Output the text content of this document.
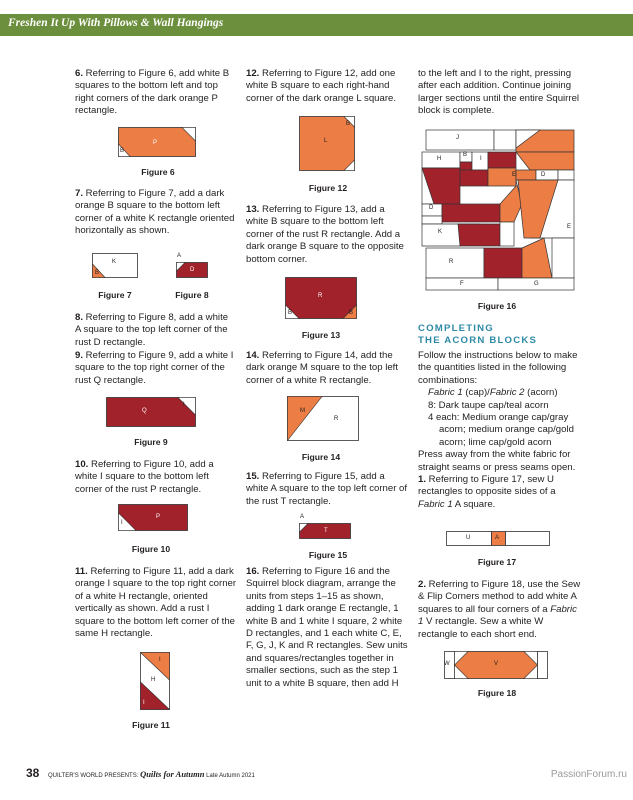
Freshen It Up With Pillows & Wall Hangings
6. Referring to Figure 6, add white B squares to the bottom left and top right corners of the dark orange P rectangle.
P
B
Figure 6
7. Referring to Figure 7, add a dark orange B square to the bottom left corner of a white K rectangle oriented horizontally as shown.
K
B
A
D
Figure 7	Figure 8
8. Referring to Figure 8, add a white A square to the top left corner of the rust D rectangle.
9. Referring to Figure 9, add a white I square to the top right corner of the rust Q rectangle.
Q
I
Figure 9
10. Referring to Figure 10, add a white I square to the bottom left corner of the rust P rectangle.
P
I
Figure 10
11. Referring to Figure 11, add a dark orange I square to the top right corner of a white H rectangle, oriented vertically as shown. Add a rust I square to the bottom left corner of the same H rectangle.
I
H
I
Figure 11
12. Referring to Figure 12, add one white B square to each right-hand corner of the dark orange L square.
L
B
Figure 12
13. Referring to Figure 13, add a white B square to the bottom left corner of the rust R rectangle. Add a dark orange B square to the opposite bottom corner.
R
B	B
Figure 13
14. Referring to Figure 14, add the dark orange M square to the top left corner of a white R rectangle.
M
R
Figure 14
15. Referring to Figure 15, add a white A square to the top left corner of the rust T rectangle.
A
T
Figure 15
16. Referring to Figure 16 and the Squirrel block diagram, arrange the units from steps 1–15 as shown, adding 1 dark orange E rectangle, 1 white B and 1 white I square, 2 white D rectangles, and 1 each white C, E, F, G, J, K and R rectangles. Sew units and squares/rectangles together in smaller sections, such as the step 1 unit to a white B square, then add H
to the left and I to the right, pressing after each addition. Continue joining larger sections until the entire Squirrel block is complete.
J
H
B
I
E	D
D
K
E
R
F	G
Figure 16
COMPLETING
THE ACORN BLOCKS

Follow the instructions below to make the quantities listed in the following combinations:

Fabric 1 (cap)/Fabric 2 (acorn)

8: Dark taupe cap/teal acorn

4 each: Medium orange cap/gray

acorn; medium orange cap/gold

acorn; lime cap/gold acorn

Press away from the white fabric for straight seams or press seams open.

1. Referring to Figure 17, sew U rectangles to opposite sides of a Fabric 1 A square.

U	A
Figure 17
2. Referring to Figure 18, use the Sew & Flip Corners method to add white A squares to all four corners of a Fabric 1 V rectangle. Sew a white W rectangle to each short end.
W	V
Figure 18
38 QUILTER'S WORLD PRESENTS: Quilts for Autumn Late Autumn 2021	PassionForum.ru
